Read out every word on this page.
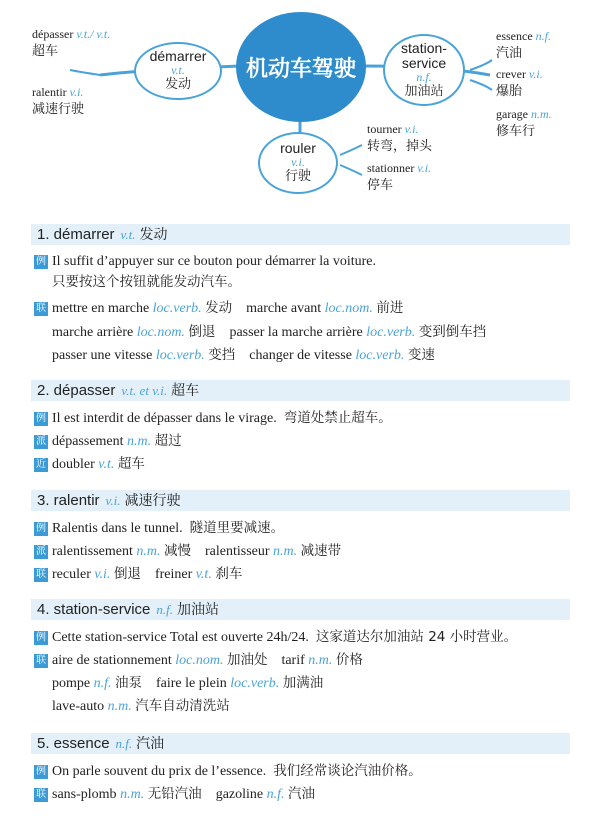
机动车驾驶
démarrer
v.t.
发动
station-
service
n.f.
加油站
rouler
v.i.
行驶
dépasser v.t./ v.t.
超车
ralentir v.i.
减速行驶
essence n.f.
汽油
crever v.i.
爆胎
garage n.m.
修车行
tourner v.i.
转弯，掉头
stationner v.i.
停车
1. démarrer v.t. 发动
例 Il suffit d’appuyer sur ce bouton pour démarrer la voiture.
只要按这个按钮就能发动汽车。
联 mettre en marche loc.verb. 发动 marche avant loc.nom. 前进
marche arrière loc.nom. 倒退 passer la marche arrière loc.verb. 变到倒车挡
passer une vitesse loc.verb. 变挡 changer de vitesse loc.verb. 变速
2. dépasser v.t. et v.i. 超车
例 Il est interdit de dépasser dans le virage. 弯道处禁止超车。
派 dépassement n.m. 超过
近 doubler v.t. 超车
3. ralentir v.i. 减速行驶
例 Ralentis dans le tunnel. 隧道里要减速。
派 ralentissement n.m. 减慢 ralentisseur n.m. 减速带
联 reculer v.i. 倒退 freiner v.t. 刹车
4. station-service n.f. 加油站
例 Cette station-service Total est ouverte 24h/24. 这家道达尔加油站 24 小时营业。
联 aire de stationnement loc.nom. 加油处 tarif n.m. 价格
pompe n.f. 油泵 faire le plein loc.verb. 加满油
lave-auto n.m. 汽车自动清洗站
5. essence n.f. 汽油
例 On parle souvent du prix de l’essence. 我们经常谈论汽油价格。
联 sans-plomb n.m. 无铅汽油 gazoline n.f. 汽油
